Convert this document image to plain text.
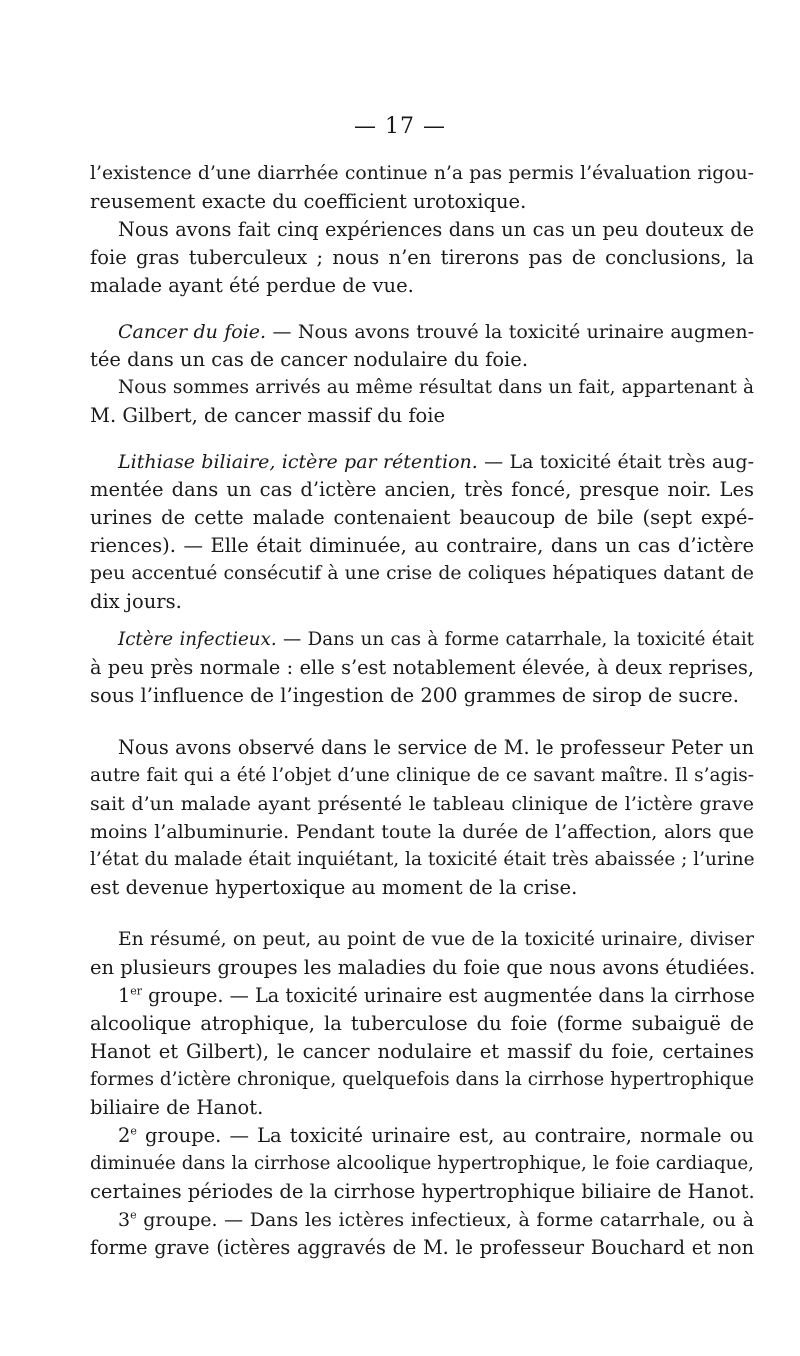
— 17 —
l’existence d’une diarrhée continue n’a pas permis l’évaluation rigou-
reusement exacte du coefficient urotoxique.
Nous avons fait cinq expériences dans un cas un peu douteux de
foie gras tuberculeux ; nous n’en tirerons pas de conclusions, la
malade ayant été perdue de vue.
Cancer du foie. — Nous avons trouvé la toxicité urinaire augmen-
tée dans un cas de cancer nodulaire du foie.
Nous sommes arrivés au même résultat dans un fait, appartenant à
M. Gilbert, de cancer massif du foie
Lithiase biliaire, ictère par rétention. — La toxicité était très aug-
mentée dans un cas d’ictère ancien, très foncé, presque noir. Les
urines de cette malade contenaient beaucoup de bile (sept expé-
riences). — Elle était diminuée, au contraire, dans un cas d’ictère
peu accentué consécutif à une crise de coliques hépatiques datant de
dix jours.
Ictère infectieux. — Dans un cas à forme catarrhale, la toxicité était
à peu près normale : elle s’est notablement élevée, à deux reprises,
sous l’influence de l’ingestion de 200 grammes de sirop de sucre.
Nous avons observé dans le service de M. le professeur Peter un
autre fait qui a été l’objet d’une clinique de ce savant maître. Il s’agis-
sait d’un malade ayant présenté le tableau clinique de l’ictère grave
moins l’albuminurie. Pendant toute la durée de l’affection, alors que
l’état du malade était inquiétant, la toxicité était très abaissée ; l’urine
est devenue hypertoxique au moment de la crise.
En résumé, on peut, au point de vue de la toxicité urinaire, diviser
en plusieurs groupes les maladies du foie que nous avons étudiées.
1er groupe. — La toxicité urinaire est augmentée dans la cirrhose
alcoolique atrophique, la tuberculose du foie (forme subaiguë de
Hanot et Gilbert), le cancer nodulaire et massif du foie, certaines
formes d’ictère chronique, quelquefois dans la cirrhose hypertrophique
biliaire de Hanot.
2e groupe. — La toxicité urinaire est, au contraire, normale ou
diminuée dans la cirrhose alcoolique hypertrophique, le foie cardiaque,
certaines périodes de la cirrhose hypertrophique biliaire de Hanot.
3e groupe. — Dans les ictères infectieux, à forme catarrhale, ou à
forme grave (ictères aggravés de M. le professeur Bouchard et non
